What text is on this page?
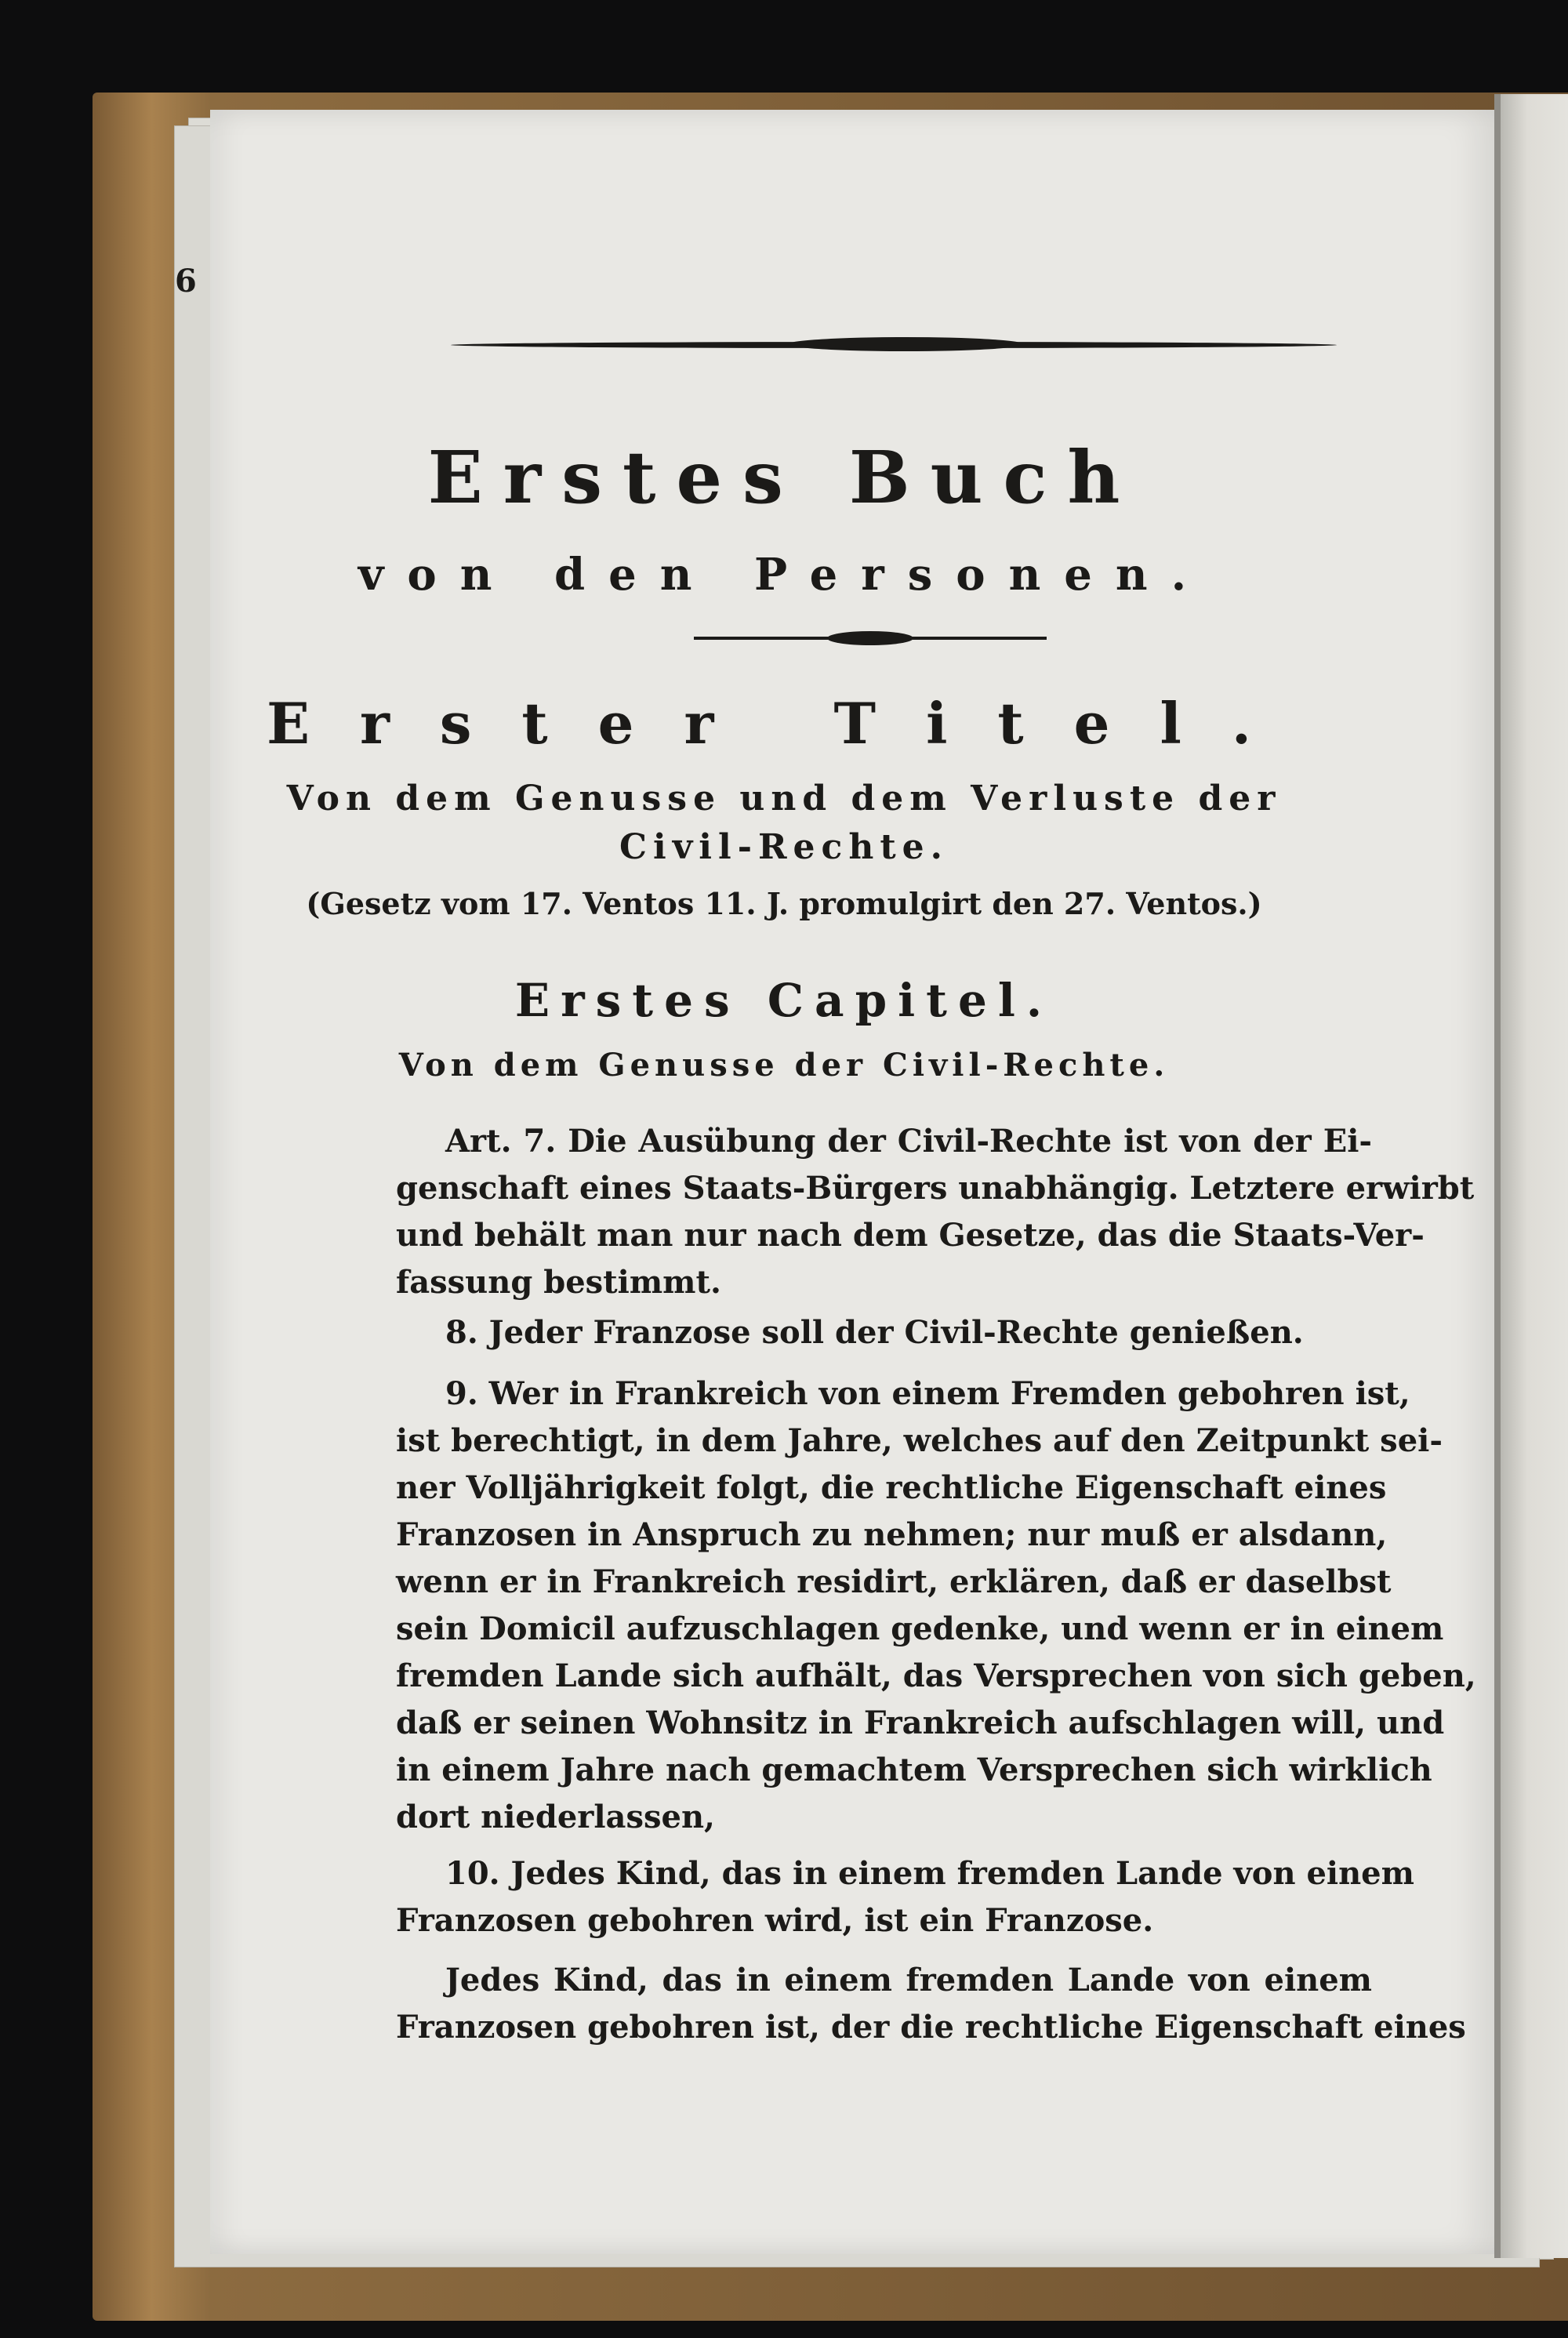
6
Erstes Buch
von den Personen.
Erster Titel.
Von dem Genusse und dem Verluste der
Civil-Rechte.
(Gesetz vom 17. Ventos 11. J. promulgirt den 27. Ventos.)
Erstes Capitel.
Von dem Genusse der Civil-Rechte.
Art. 7. Die Ausübung der Civil-Rechte ist von der Ei-
genschaft eines Staats-Bürgers unabhängig. Letztere erwirbt
und behält man nur nach dem Gesetze, das die Staats-Ver-
fassung bestimmt.
8. Jeder Franzose soll der Civil-Rechte genießen.
9. Wer in Frankreich von einem Fremden gebohren ist,
ist berechtigt, in dem Jahre, welches auf den Zeitpunkt sei-
ner Volljährigkeit folgt, die rechtliche Eigenschaft eines
Franzosen in Anspruch zu nehmen; nur muß er alsdann,
wenn er in Frankreich residirt, erklären, daß er daselbst
sein Domicil aufzuschlagen gedenke, und wenn er in einem
fremden Lande sich aufhält, das Versprechen von sich geben,
daß er seinen Wohnsitz in Frankreich aufschlagen will, und
in einem Jahre nach gemachtem Versprechen sich wirklich
dort niederlassen,
10. Jedes Kind, das in einem fremden Lande von einem
Franzosen gebohren wird, ist ein Franzose.
Jedes Kind, das in einem fremden Lande von einem
Franzosen gebohren ist, der die rechtliche Eigenschaft eines
